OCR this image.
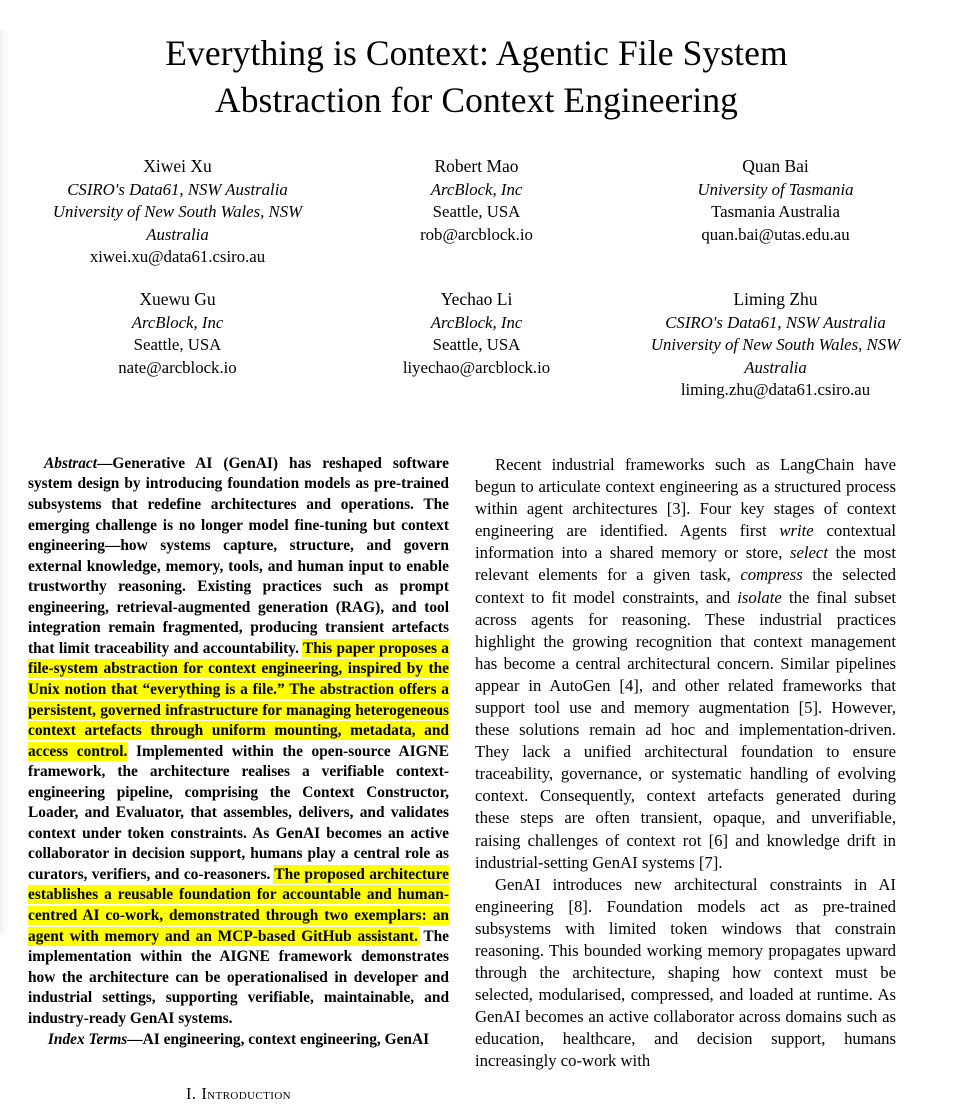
Everything is Context: Agentic File System Abstraction for Context Engineering
Xiwei Xu
CSIRO's Data61, NSW Australia
University of New South Wales, NSW Australia
xiwei.xu@data61.csiro.au
Robert Mao
ArcBlock, Inc
Seattle, USA
rob@arcblock.io
Quan Bai
University of Tasmania
Tasmania Australia
quan.bai@utas.edu.au
Xuewu Gu
ArcBlock, Inc
Seattle, USA
nate@arcblock.io
Yechao Li
ArcBlock, Inc
Seattle, USA
liyechao@arcblock.io
Liming Zhu
CSIRO's Data61, NSW Australia
University of New South Wales, NSW Australia
liming.zhu@data61.csiro.au
Abstract—Generative AI (GenAI) has reshaped software system design by introducing foundation models as pre-trained subsystems that redefine architectures and operations. The emerging challenge is no longer model fine-tuning but context engineering—how systems capture, structure, and govern external knowledge, memory, tools, and human input to enable trustworthy reasoning. Existing practices such as prompt engineering, retrieval-augmented generation (RAG), and tool integration remain fragmented, producing transient artefacts that limit traceability and accountability. This paper proposes a file-system abstraction for context engineering, inspired by the Unix notion that “everything is a file.” The abstraction offers a persistent, governed infrastructure for managing heterogeneous context artefacts through uniform mounting, metadata, and access control. Implemented within the open-source AIGNE framework, the architecture realises a verifiable context-engineering pipeline, comprising the Context Constructor, Loader, and Evaluator, that assembles, delivers, and validates context under token constraints. As GenAI becomes an active collaborator in decision support, humans play a central role as curators, verifiers, and co-reasoners. The proposed architecture establishes a reusable foundation for accountable and human-centred AI co-work, demonstrated through two exemplars: an agent with memory and an MCP-based GitHub assistant. The implementation within the AIGNE framework demonstrates how the architecture can be operationalised in developer and industrial settings, supporting verifiable, maintainable, and industry-ready GenAI systems.
Index Terms—AI engineering, context engineering, GenAI
I. Introduction

Recent industrial frameworks such as LangChain have begun to articulate context engineering as a structured process within agent architectures [3]. Four key stages of context engineering are identified. Agents first write contextual information into a shared memory or store, select the most relevant elements for a given task, compress the selected context to fit model constraints, and isolate the final subset across agents for reasoning. These industrial practices highlight the growing recognition that context management has become a central architectural concern. Similar pipelines appear in AutoGen [4], and other related frameworks that support tool use and memory augmentation [5]. However, these solutions remain ad hoc and implementation-driven. They lack a unified architectural foundation to ensure traceability, governance, or systematic handling of evolving context. Consequently, context artefacts generated during these steps are often transient, opaque, and unverifiable, raising challenges of context rot [6] and knowledge drift in industrial-setting GenAI systems [7].

GenAI introduces new architectural constraints in AI engineering [8]. Foundation models act as pre-trained subsystems with limited token windows that constrain reasoning. This bounded working memory propagates upward through the architecture, shaping how context must be selected, modularised, compressed, and loaded at runtime. As GenAI becomes an active collaborator across domains such as education, healthcare, and decision support, humans increasingly co-work with
